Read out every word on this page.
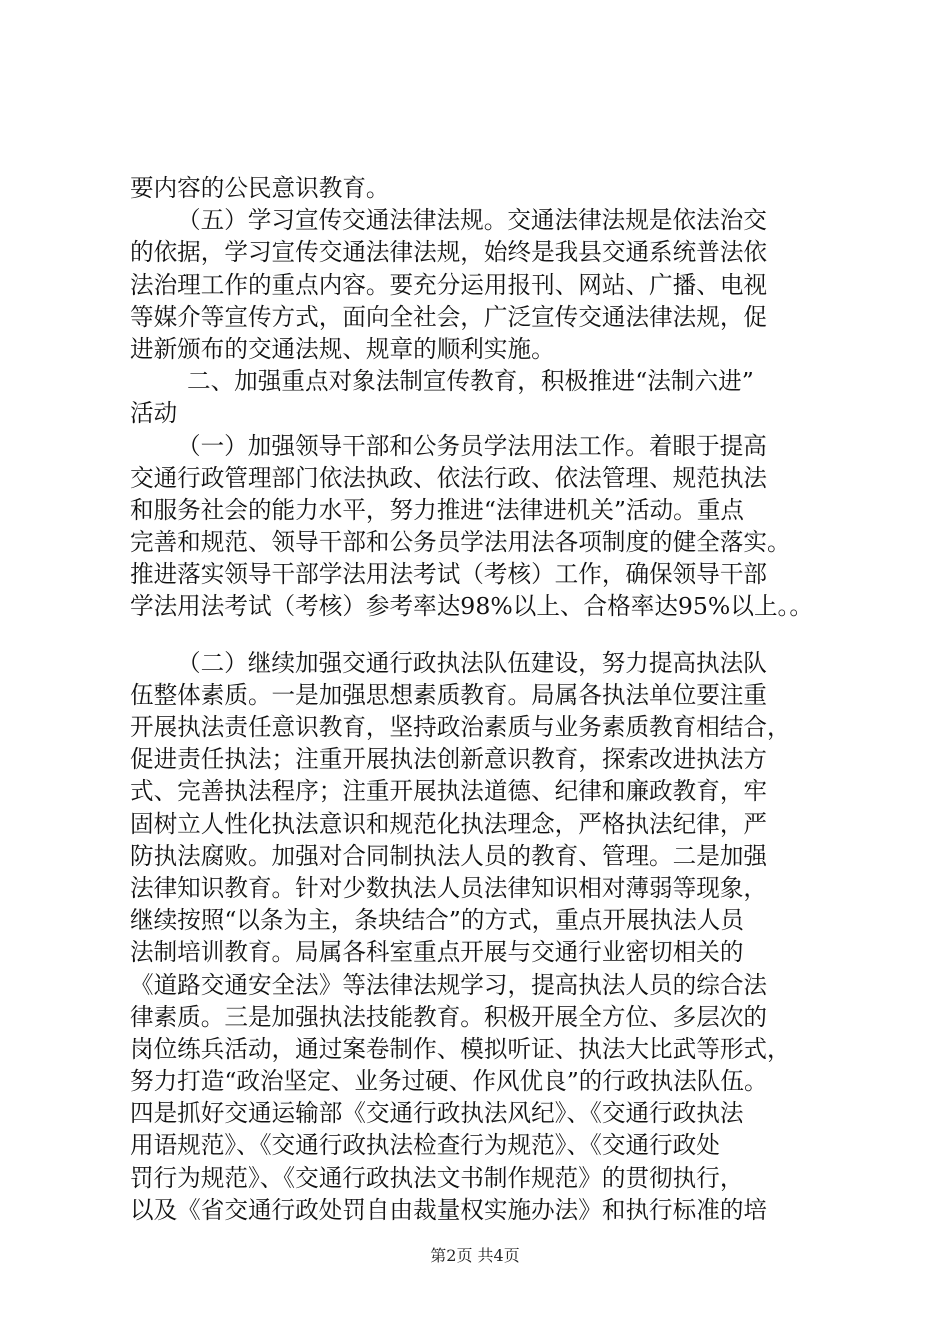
要内容的公民意识教育。
（五）学习宣传交通法律法规。交通法律法规是依法治交
的依据，学习宣传交通法律法规，始终是我县交通系统普法依
法治理工作的重点内容。要充分运用报刊、网站、广播、电视
等媒介等宣传方式，面向全社会，广泛宣传交通法律法规，促
进新颁布的交通法规、规章的顺利实施。
二、加强重点对象法制宣传教育，积极推进“法制六进”
活动
（一）加强领导干部和公务员学法用法工作。着眼于提高
交通行政管理部门依法执政、依法行政、依法管理、规范执法
和服务社会的能力水平，努力推进“法律进机关”活动。重点
完善和规范、领导干部和公务员学法用法各项制度的健全落实。
推进落实领导干部学法用法考试（考核）工作，确保领导干部
学法用法考试（考核）参考率达98%以上、合格率达95%以上。。
（二）继续加强交通行政执法队伍建设，努力提高执法队
伍整体素质。一是加强思想素质教育。局属各执法单位要注重
开展执法责任意识教育，坚持政治素质与业务素质教育相结合，
促进责任执法；注重开展执法创新意识教育，探索改进执法方
式、完善执法程序；注重开展执法道德、纪律和廉政教育，牢
固树立人性化执法意识和规范化执法理念，严格执法纪律，严
防执法腐败。加强对合同制执法人员的教育、管理。二是加强
法律知识教育。针对少数执法人员法律知识相对薄弱等现象，
继续按照“以条为主，条块结合”的方式，重点开展执法人员
法制培训教育。局属各科室重点开展与交通行业密切相关的
《道路交通安全法》等法律法规学习，提高执法人员的综合法
律素质。三是加强执法技能教育。积极开展全方位、多层次的
岗位练兵活动，通过案卷制作、模拟听证、执法大比武等形式，
努力打造“政治坚定、业务过硬、作风优良”的行政执法队伍。
四是抓好交通运输部《交通行政执法风纪》、《交通行政执法
用语规范》、《交通行政执法检查行为规范》、《交通行政处
罚行为规范》、《交通行政执法文书制作规范》的贯彻执行，
以及《省交通行政处罚自由裁量权实施办法》和执行标准的培
第2页 共4页
